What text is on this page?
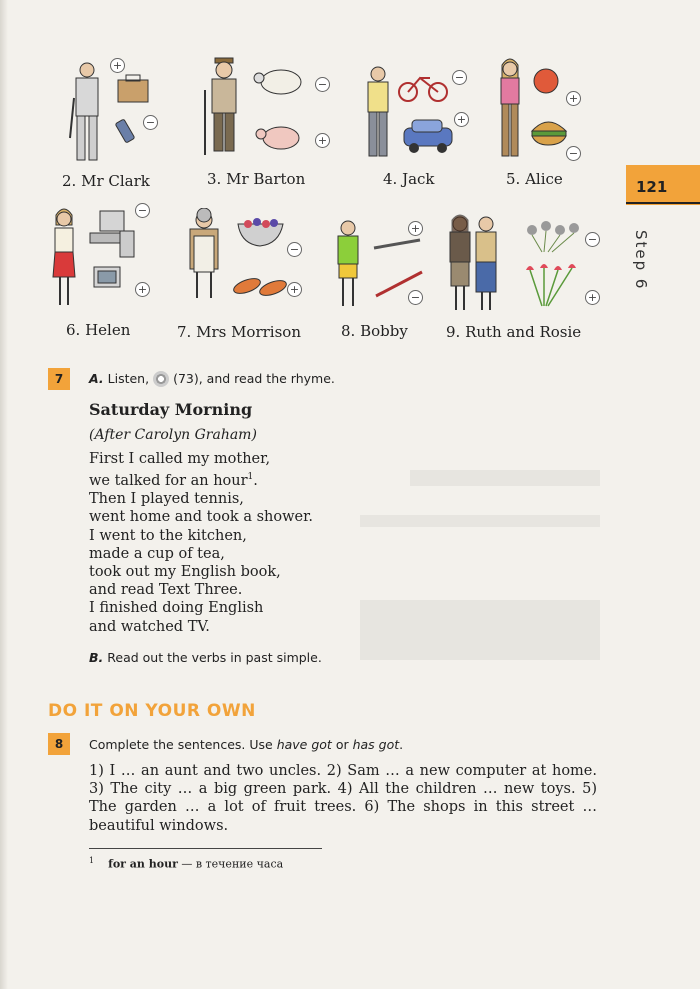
121
Step 6
+
−
2. Mr Clark
−
+
3. Mr Barton
−
+
4. Jack
+
−
5. Alice
−
+
6. Helen
−
+
7. Mrs Morrison
+
−
8. Bobby
−
+
9. Ruth and Rosie
7	A. Listen, (73), and read the rhyme.
Saturday Morning
(After Carolyn Graham)
First I called my mother,
we talked for an hour$^1$.
Then I played tennis,
went home and took a shower.
I went to the kitchen,
made a cup of tea,
took out my English book,
and read Text Three.
I finished doing English
and watched TV.
B. Read out the verbs in past simple.
DO IT ON YOUR OWN
8	Complete the sentences. Use have got or has got.
1) I … an aunt and two uncles. 2) Sam … a new computer at home. 3) The city … a big green park. 4) All the children … new toys. 5) The garden … a lot of fruit trees. 6) The shops in this street … beautiful windows.
$^1$ for an hour — в течение часа
